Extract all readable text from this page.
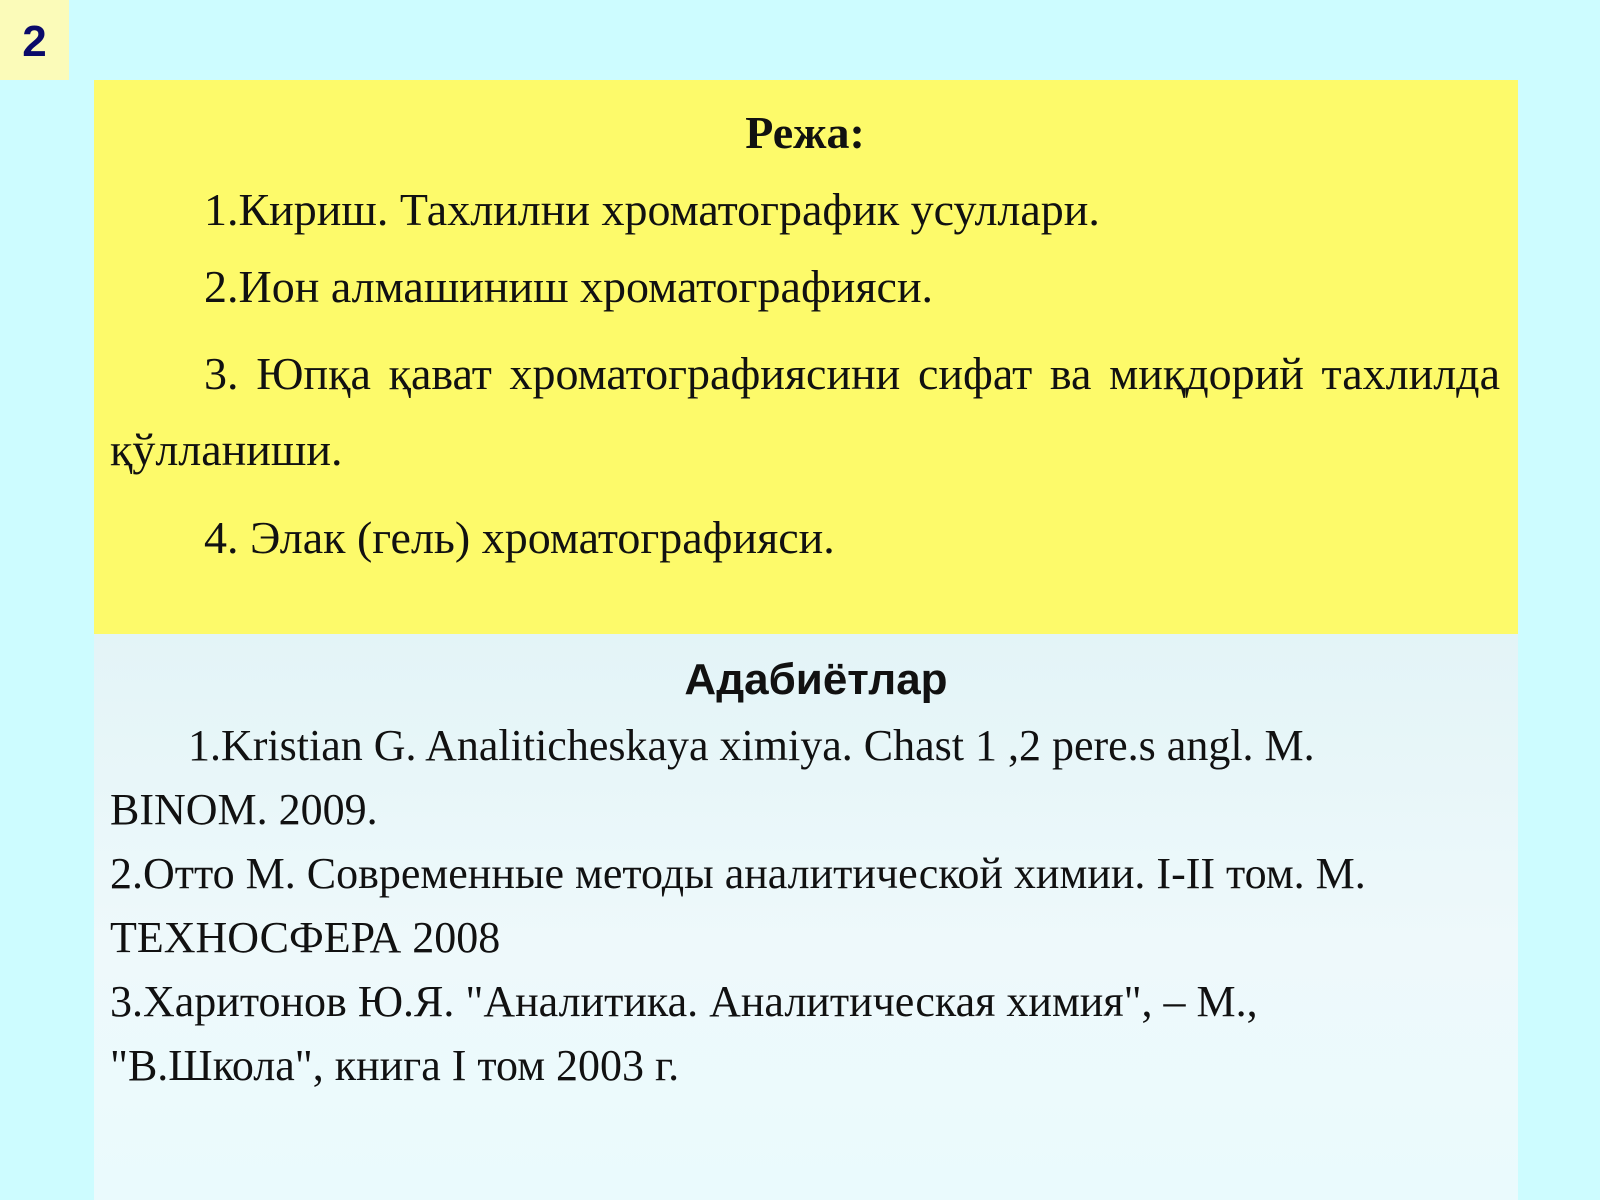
2
Режа:
1.Кириш. Тахлилни хроматографик усуллари.
2.Ион алмашиниш хроматографияси.
3. Юпқа қават хроматографиясини сифат ва миқдорий тахлилда қўлланиши.
4. Элак (гель) хроматографияси.
Адабиётлар
1.Kristian G. Analiticheskaya ximiya. Chast 1 ,2 pere.s angl. M. BINOM. 2009.
2.Отто М. Современные методы аналитической химии. I-II том. М. ТЕХНОСФЕРА 2008
3.Харитонов Ю.Я. "Аналитика. Аналитическая химия", – М., "В.Школа", книга I том 2003 г.
